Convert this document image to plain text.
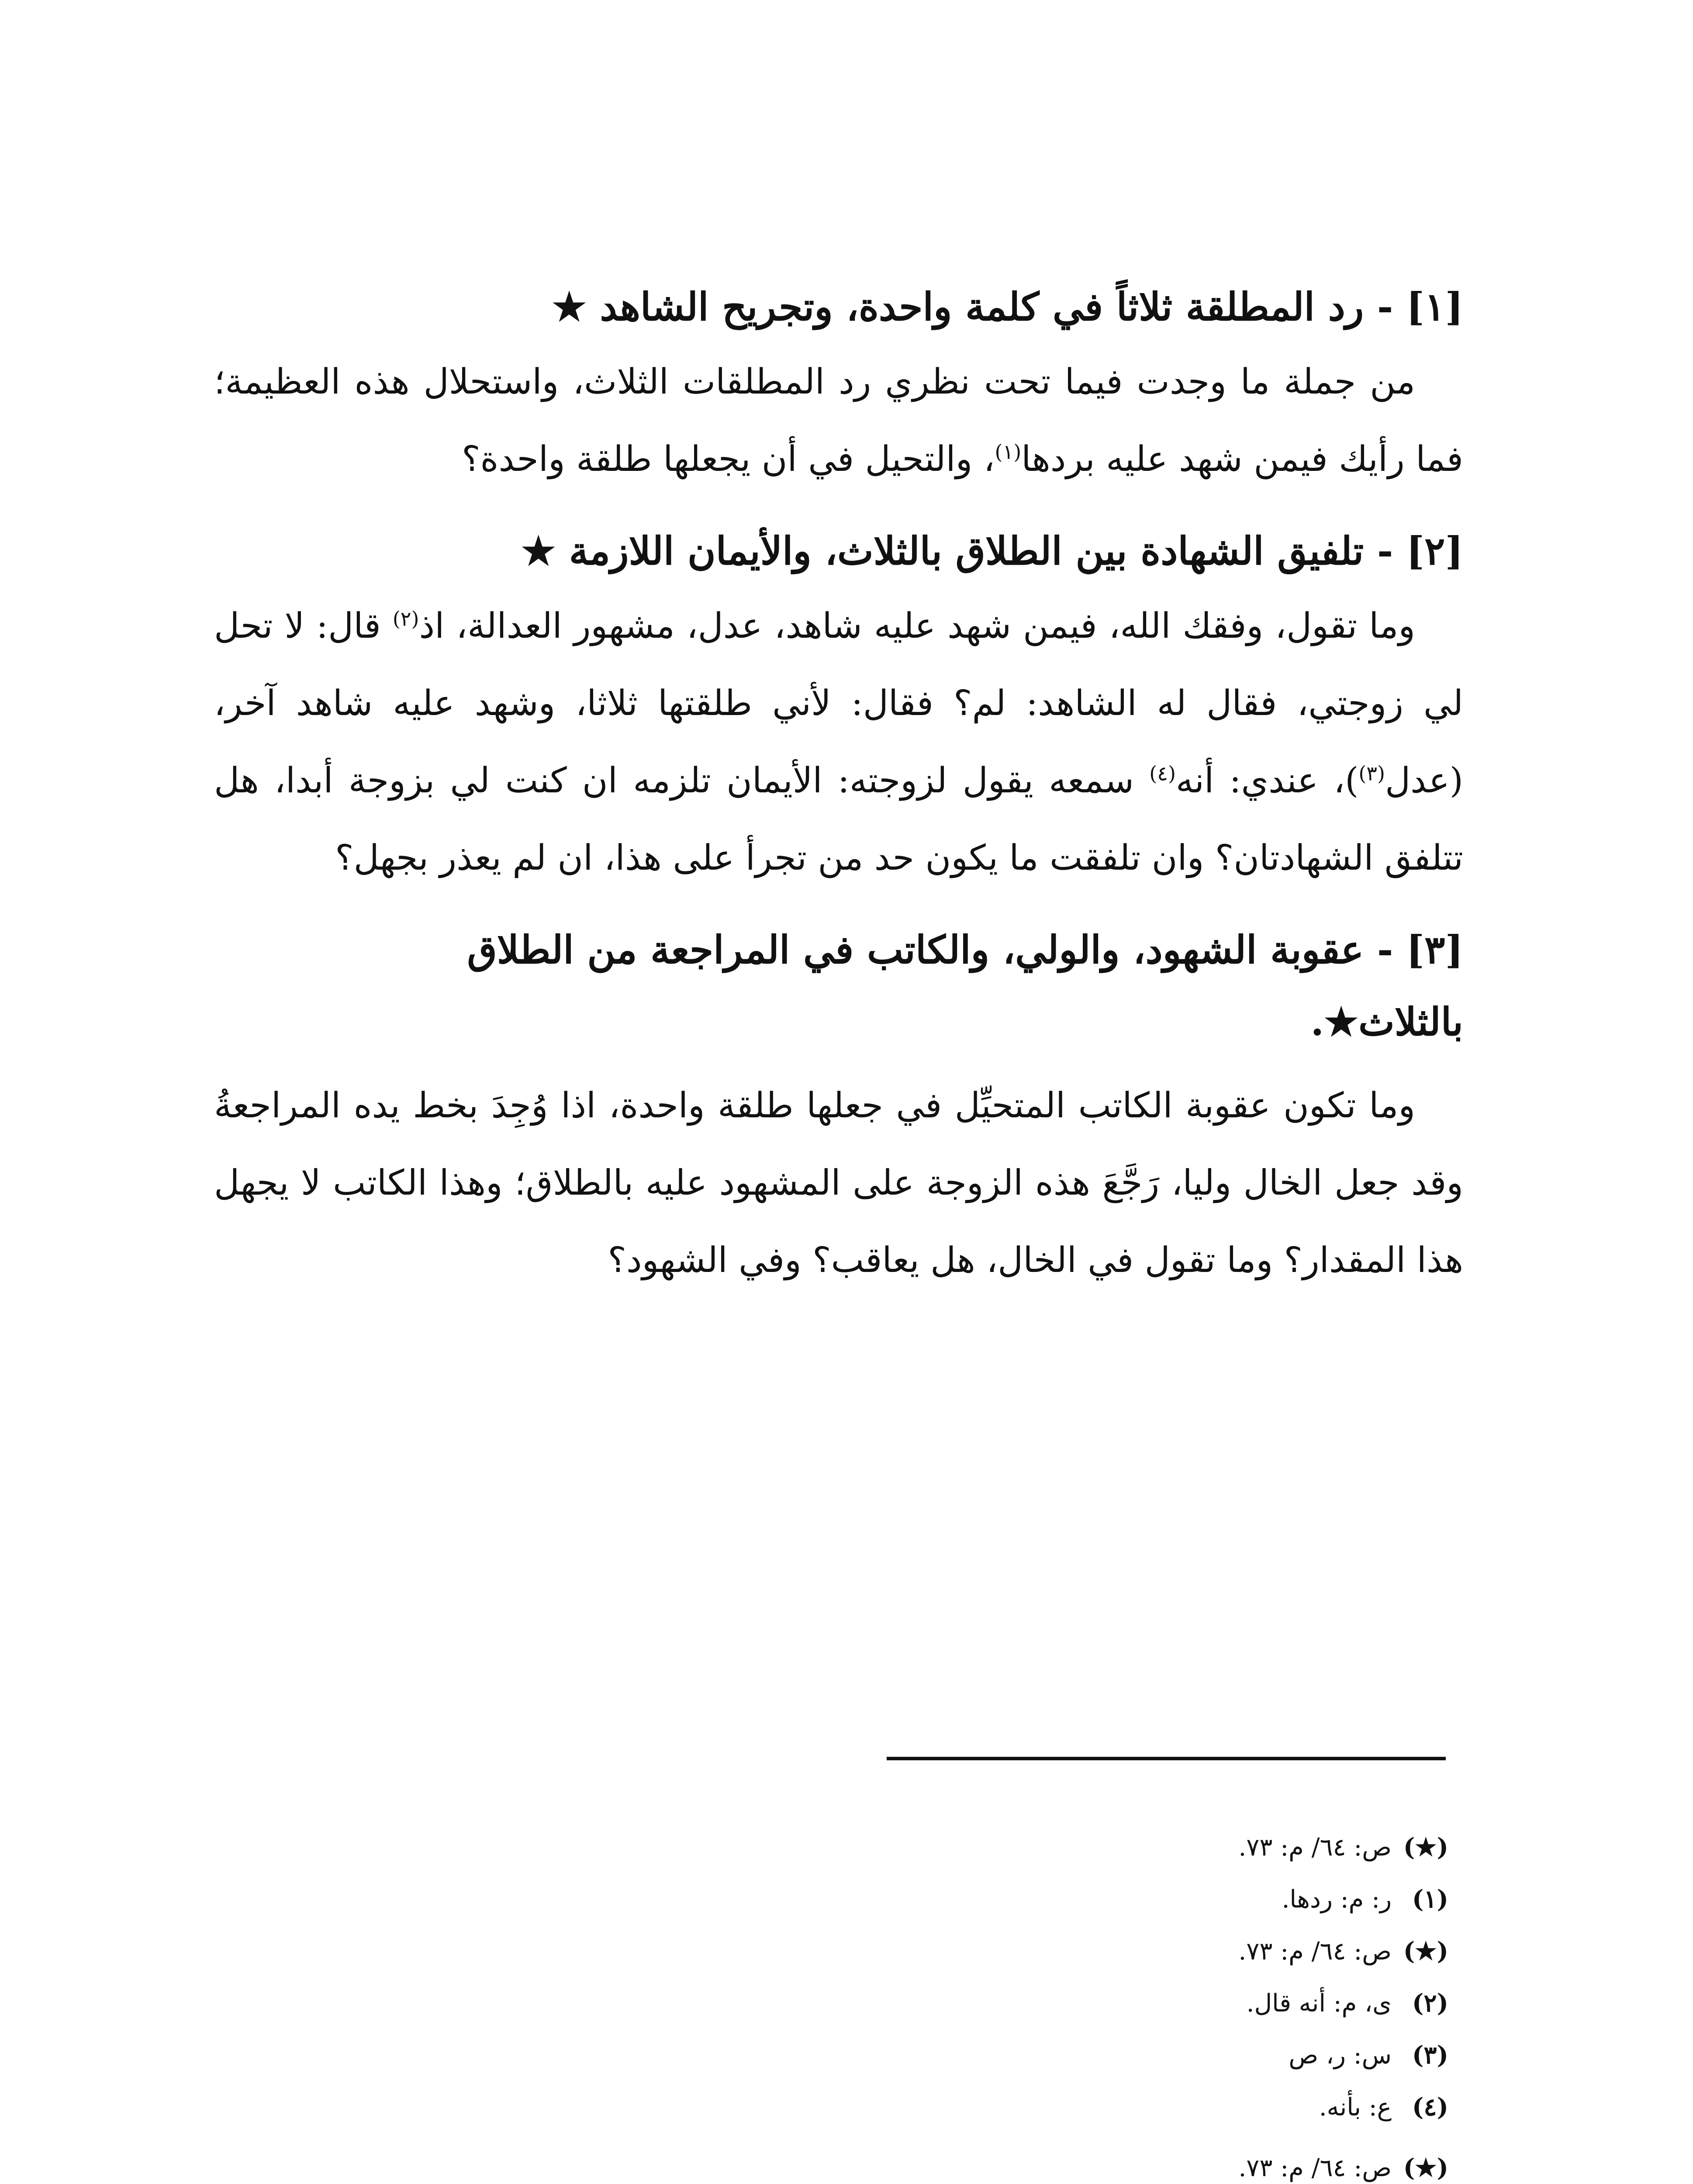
[١]- رد المطلقة ثلاثاً في كلمة واحدة، وتجريح الشاهد ★

من جملة ما وجدت فيما تحت نظري رد المطلقات الثلاث، واستحلال هذه العظيمة؛ فما رأيك فيمن شهد عليه بردها$^{(١)}$، والتحيل في أن يجعلها طلقة واحدة؟

[٢]- تلفيق الشهادة بين الطلاق بالثلاث، والأيمان اللازمة ★

وما تقول، وفقك الله، فيمن شهد عليه شاهد، عدل، مشهور العدالة، اذ$^{(٢)}$ قال: لا تحل لي زوجتي، فقال له الشاهد: لم؟ فقال: لأني طلقتها ثلاثا، وشهد عليه شاهد آخر، (عدل$^{(٣)}$)، عندي: أنه$^{(٤)}$ سمعه يقول لزوجته: الأيمان تلزمه ان كنت لي بزوجة أبدا، هل تتلفق الشهادتان؟ وان تلفقت ما يكون حد من تجرأ على هذا، ان لم يعذر بجهل؟

[٣]- عقوبة الشهود، والولي، والكاتب في المراجعة من الطلاق بالثلاث★.

وما تكون عقوبة الكاتب المتحيِّل في جعلها طلقة واحدة، اذا وُجِدَ بخط يده المراجعةُ وقد جعل الخال وليا، رَجَّعَ هذه الزوجة على المشهود عليه بالطلاق؛ وهذا الكاتب لا يجهل هذا المقدار؟ وما تقول في الخال، هل يعاقب؟ وفي الشهود؟

(★)ص: ٦٤/ م: ٧٣.
(١)ر: م: ردها.
(★)ص: ٦٤/ م: ٧٣.
(٢)ى، م: أنه قال.
(٣)س: ر، ص
(٤)ع: بأنه.
(★)ص: ٦٤/ م: ٧٣.
